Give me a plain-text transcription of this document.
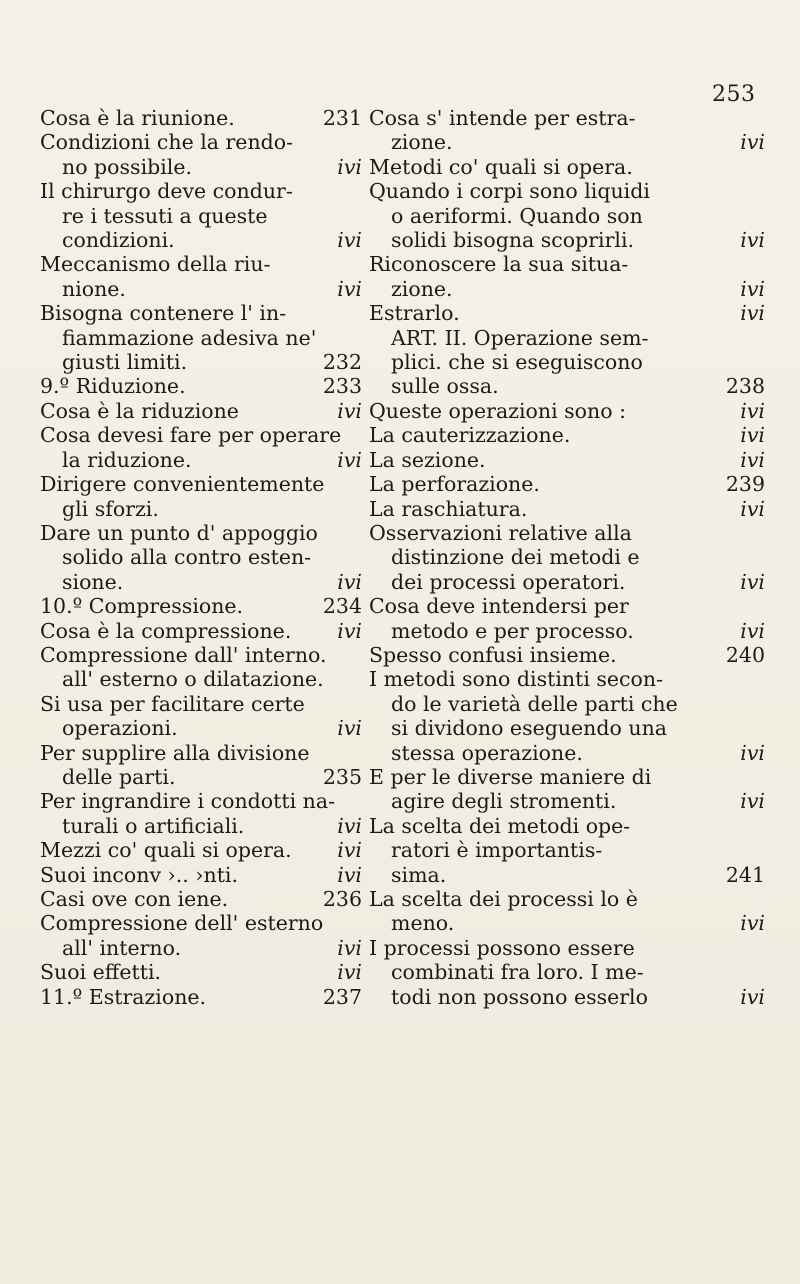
253
Cosa è la riunione.	231
Condizioni che la rendo-
no possibile.	ivi
Il chirurgo deve condur-
re i tessuti a queste
condizioni.	ivi
Meccanismo della riu-
nione.	ivi
Bisogna contenere l' in-
fiammazione adesiva ne'
giusti limiti.	232
9.º Riduzione.	233
Cosa è la riduzione	ivi
Cosa devesi fare per operare
la riduzione.	ivi
Dirigere convenientemente
gli sforzi.
Dare un punto d' appoggio
solido alla contro esten-
sione.	ivi
10.º Compressione.	234
Cosa è la compressione. ivi
Compressione dall' interno.
all' esterno o dilatazione.
Si usa per facilitare certe
operazioni.	ivi
Per supplire alla divisione
delle parti.	235
Per ingrandire i condotti na-
turali o artificiali.	ivi
Mezzi co' quali si opera. ivi
Suoi inconv ›.. ›nti.	ivi
Casi ove con iene.	236
Compressione dell' esterno
all' interno.	ivi
Suoi effetti.	ivi
11.º Estrazione.	237
Cosa s' intende per estra-
zione.	ivi
Metodi co' quali si opera.
Quando i corpi sono liquidi
o aeriformi. Quando son
solidi bisogna scoprirli.	ivi
Riconoscere la sua situa-
zione.	ivi
Estrarlo.	ivi
ART. II. Operazione sem-
plici. che si eseguiscono
sulle ossa.	238
Queste operazioni sono :	ivi
La cauterizzazione.	ivi
La sezione.	ivi
La perforazione.	239
La raschiatura.	ivi
Osservazioni relative alla
distinzione dei metodi e
dei processi operatori.	ivi
Cosa deve intendersi per
metodo e per processo.	ivi
Spesso confusi insieme.	240
I metodi sono distinti secon-
do le varietà delle parti che
si dividono eseguendo una
stessa operazione.	ivi
E per le diverse maniere di
agire degli stromenti.	ivi
La scelta dei metodi ope-
ratori è importantis-
sima.	241
La scelta dei processi lo è
meno.	ivi
I processi possono essere
combinati fra loro. I me-
todi non possono esserlo	ivi
